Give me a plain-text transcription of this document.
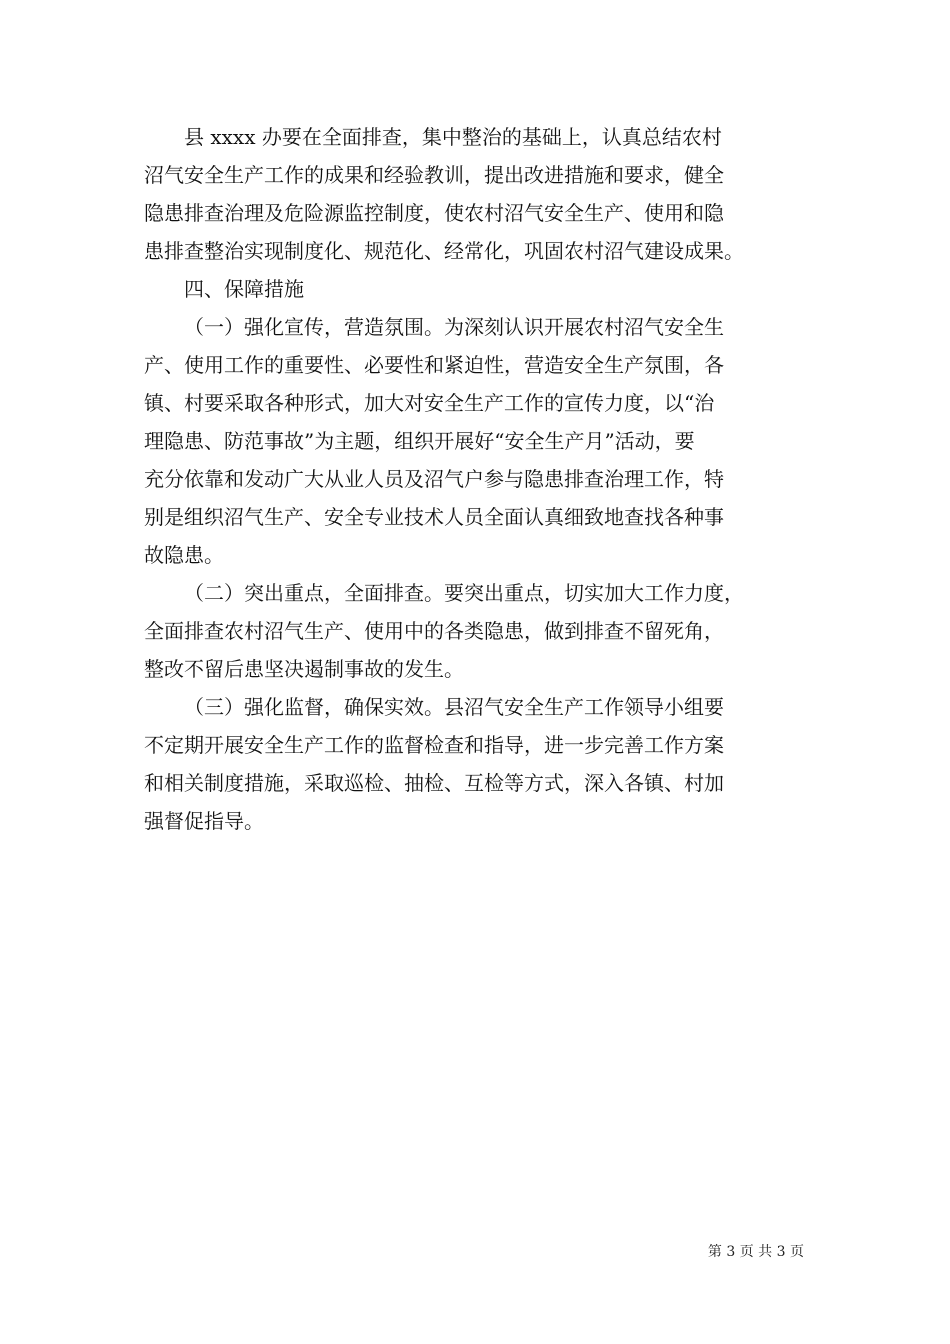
县 xxxx 办要在全面排查，集中整治的基础上，认真总结农村
沼气安全生产工作的成果和经验教训，提出改进措施和要求，健全
隐患排查治理及危险源监控制度，使农村沼气安全生产、使用和隐
患排查整治实现制度化、规范化、经常化，巩固农村沼气建设成果。

四、保障措施

（一）强化宣传，营造氛围。为深刻认识开展农村沼气安全生
产、使用工作的重要性、必要性和紧迫性，营造安全生产氛围，各
镇、村要采取各种形式，加大对安全生产工作的宣传力度，以“治
理隐患、防范事故”为主题，组织开展好“安全生产月”活动，要
充分依靠和发动广大从业人员及沼气户参与隐患排查治理工作，特
别是组织沼气生产、安全专业技术人员全面认真细致地查找各种事
故隐患。

（二）突出重点，全面排查。要突出重点，切实加大工作力度，
全面排查农村沼气生产、使用中的各类隐患，做到排查不留死角，
整改不留后患坚决遏制事故的发生。

（三）强化监督，确保实效。县沼气安全生产工作领导小组要
不定期开展安全生产工作的监督检查和指导，进一步完善工作方案
和相关制度措施，采取巡检、抽检、互检等方式，深入各镇、村加
强督促指导。

第 3 页 共 3 页
